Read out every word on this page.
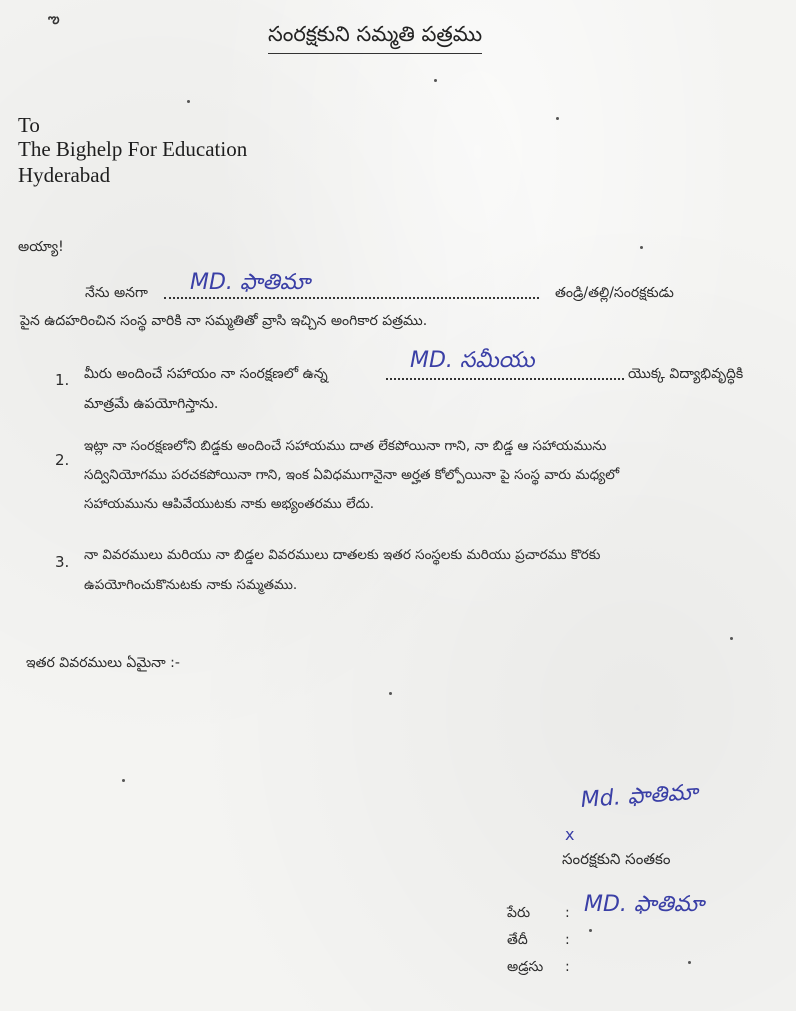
ఌ
సంరక్షకుని సమ్మతి పత్రము
To
The Bighelp For Education
Hyderabad
అయ్యా!
నేను అనగా MD. ఫాతిమా	తండ్రి/తల్లి/సంరక్షకుడు
పైన ఉదహరించిన సంస్థ వారికి నా సమ్మతితో వ్రాసి ఇచ్చిన అంగికార పత్రము.
1. మీరు అందించే సహాయం నా సంరక్షణలో ఉన్న
MD. సమీయు
యొక్క విద్యాభివృద్ధికి
మాత్రమే ఉపయోగిస్తాను.
2.
ఇట్లా నా సంరక్షణలోని బిడ్డకు అందించే సహాయము దాత లేకపోయినా గాని, నా బిడ్డ ఆ సహాయమును
సద్వినియోగము పరచకపోయినా గాని, ఇంక ఏవిధముగానైనా అర్హత కోల్పోయినా పై సంస్థ వారు మధ్యలో
సహాయమును ఆపివేయుటకు నాకు అభ్యంతరము లేదు.
3. నా వివరములు మరియు నా బిడ్డల వివరములు దాతలకు ఇతర సంస్థలకు మరియు ప్రచారము కొరకు
ఉపయోగించుకొనుటకు నాకు సమ్మతము.
ఇతర వివరములు ఏమైనా :-
x
Md. ఫాతిమా
సంరక్షకుని సంతకం
పేరు : MD. ఫాతిమా
తేదీ	:
అడ్రసు :
